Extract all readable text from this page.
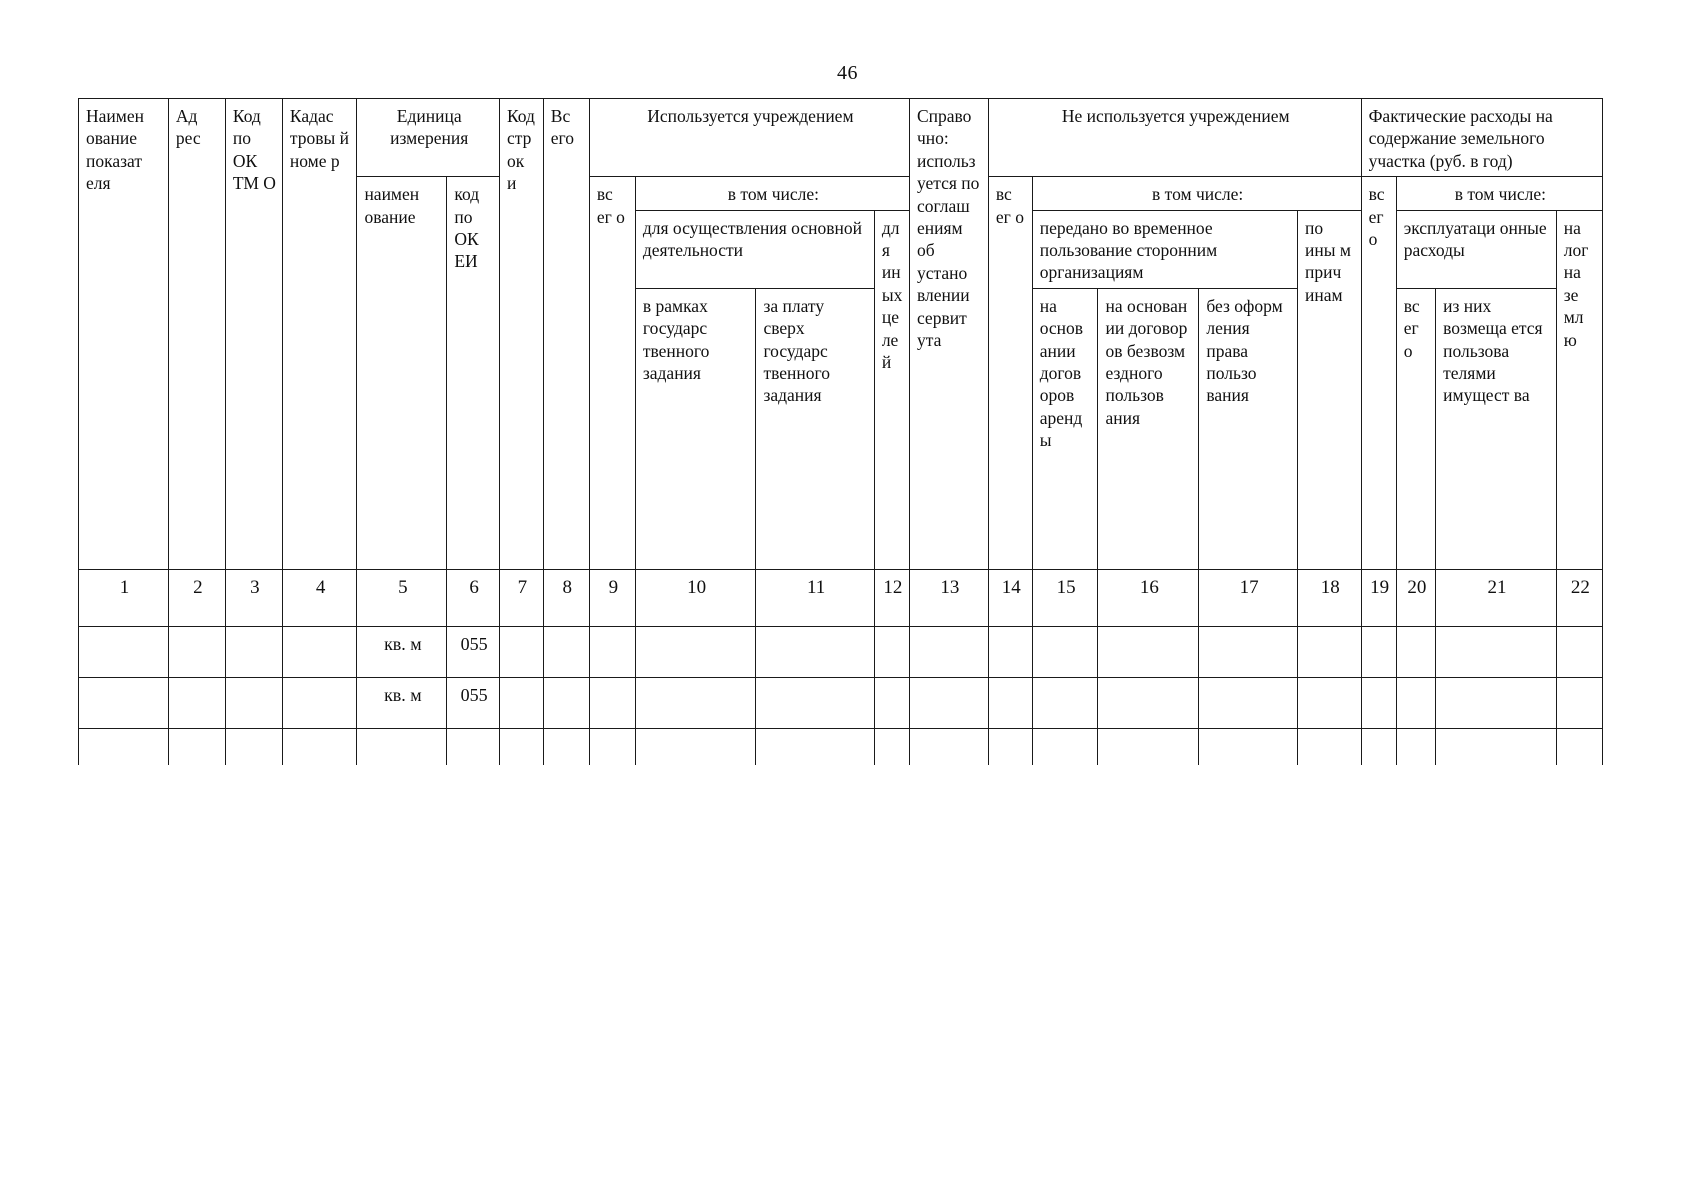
46
Наимен ование показат еля	Ад рес	Код по ОК ТМ О	Кадас тровы й номе р	Единица измерения		Код стр ок и	Вс его	Используется учреждением				Справо чно: использ уется по соглаш ениям об устано влении сервит ута	Не используется учреждением					Фактические расходы на содержание земельного участка (руб. в год)			
				наимен ование	код по ОК ЕИ			вс ег о	в том числе:				вс ег о	в том числе:				вс ег о	в том числе:		
									для осуществления основной деятельности		дл я ин ых це ле й			передано во временное пользование сторонним организациям			по ины м прич инам		эксплуатаци онные расходы		на лог на зе мл ю
									в рамках государс твенного задания	за плату сверх государс твенного задания				на основ ании догов оров аренд ы	на основан ии договор ов безвозм ездного пользов ания	без оформ ления права пользо вания			вс ег о	из них возмеща ется пользова телями имущест ва	
1	2	3	4	5	6	7	8	9	10	11	12	13	14	15	16	17	18	19	20	21	22
				кв. м	055																
				кв. м	055																
